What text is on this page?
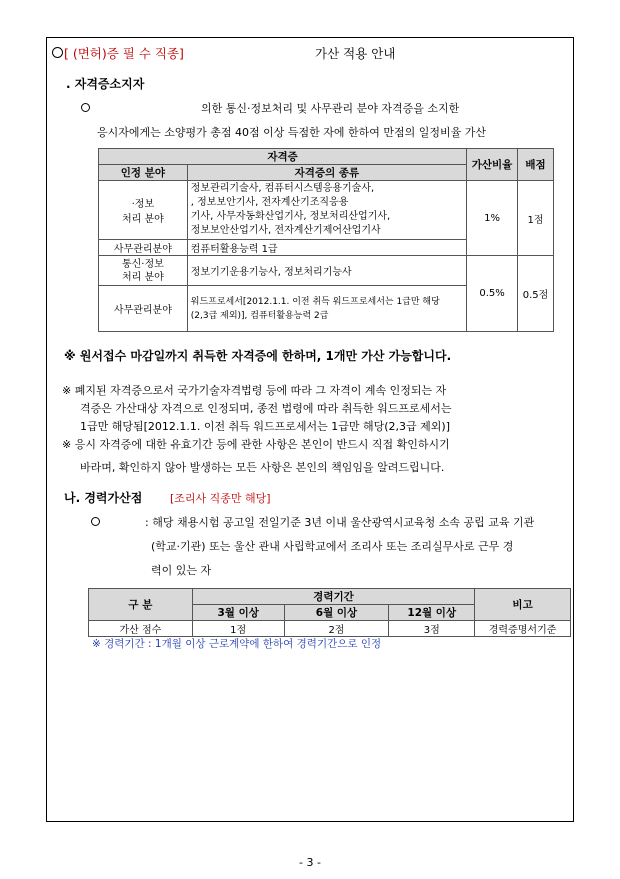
[ (면허)증 필 수 직종]	가산 적용 안내
. 자격증소지자
의한 통신·정보처리 및 사무관리 분야 자격증을 소지한
응시자에게는 소양평가 총점 40점 이상 득점한 자에 한하여 만점의 일정비율 가산
자격증		가산비율	배점
인정 분야	자격증의 종류		
·정보
처리 분야	정보관리기술사, 컴퓨터시스템응용기술사,
, 정보보안기사, 전자계산기조직응용
기사, 사무자동화산업기사, 정보처리산업기사,
정보보안산업기사, 전자계산기제어산업기사	1%	1점
사무관리분야	컴퓨터활용능력 1급		
통신·정보
처리 분야	정보기기운용기능사, 정보처리기능사	0.5%	0.5점
사무관리분야	워드프로세서[2012.1.1. 이전 취득 워드프로세서는 1급만 해당
(2,3급 제외)], 컴퓨터활용능력 2급		
※ 원서접수 마감일까지 취득한 자격증에 한하며, 1개만 가산 가능합니다.
※ 폐지된 자격증으로서 국가기술자격법령 등에 따라 그 자격이 계속 인정되는 자
격증은 가산대상 자격으로 인정되며, 종전 법령에 따라 취득한 워드프로세서는
1급만 해당됨[2012.1.1. 이전 취득 워드프로세서는 1급만 해당(2,3급 제외)]
※ 응시 자격증에 대한 유효기간 등에 관한 사항은 본인이 반드시 직접 확인하시기
바라며, 확인하지 않아 발생하는 모든 사항은 본인의 책임임을 알려드립니다.
나. 경력가산점	[조리사 직종만 해당]
: 해당 채용시험 공고일 전일기준 3년 이내 울산광역시교육청 소속 공립 교육 기관
(학교·기관) 또는 울산 관내 사립학교에서 조리사 또는 조리실무사로 근무 경
력이 있는 자
구 분	경력기간			비고
	3월 이상	6월 이상	12월 이상	
가산 점수	1점	2점	3점	경력증명서기준
※ 경력기간 : 1개월 이상 근로계약에 한하여 경력기간으로 인정
- 3 -
